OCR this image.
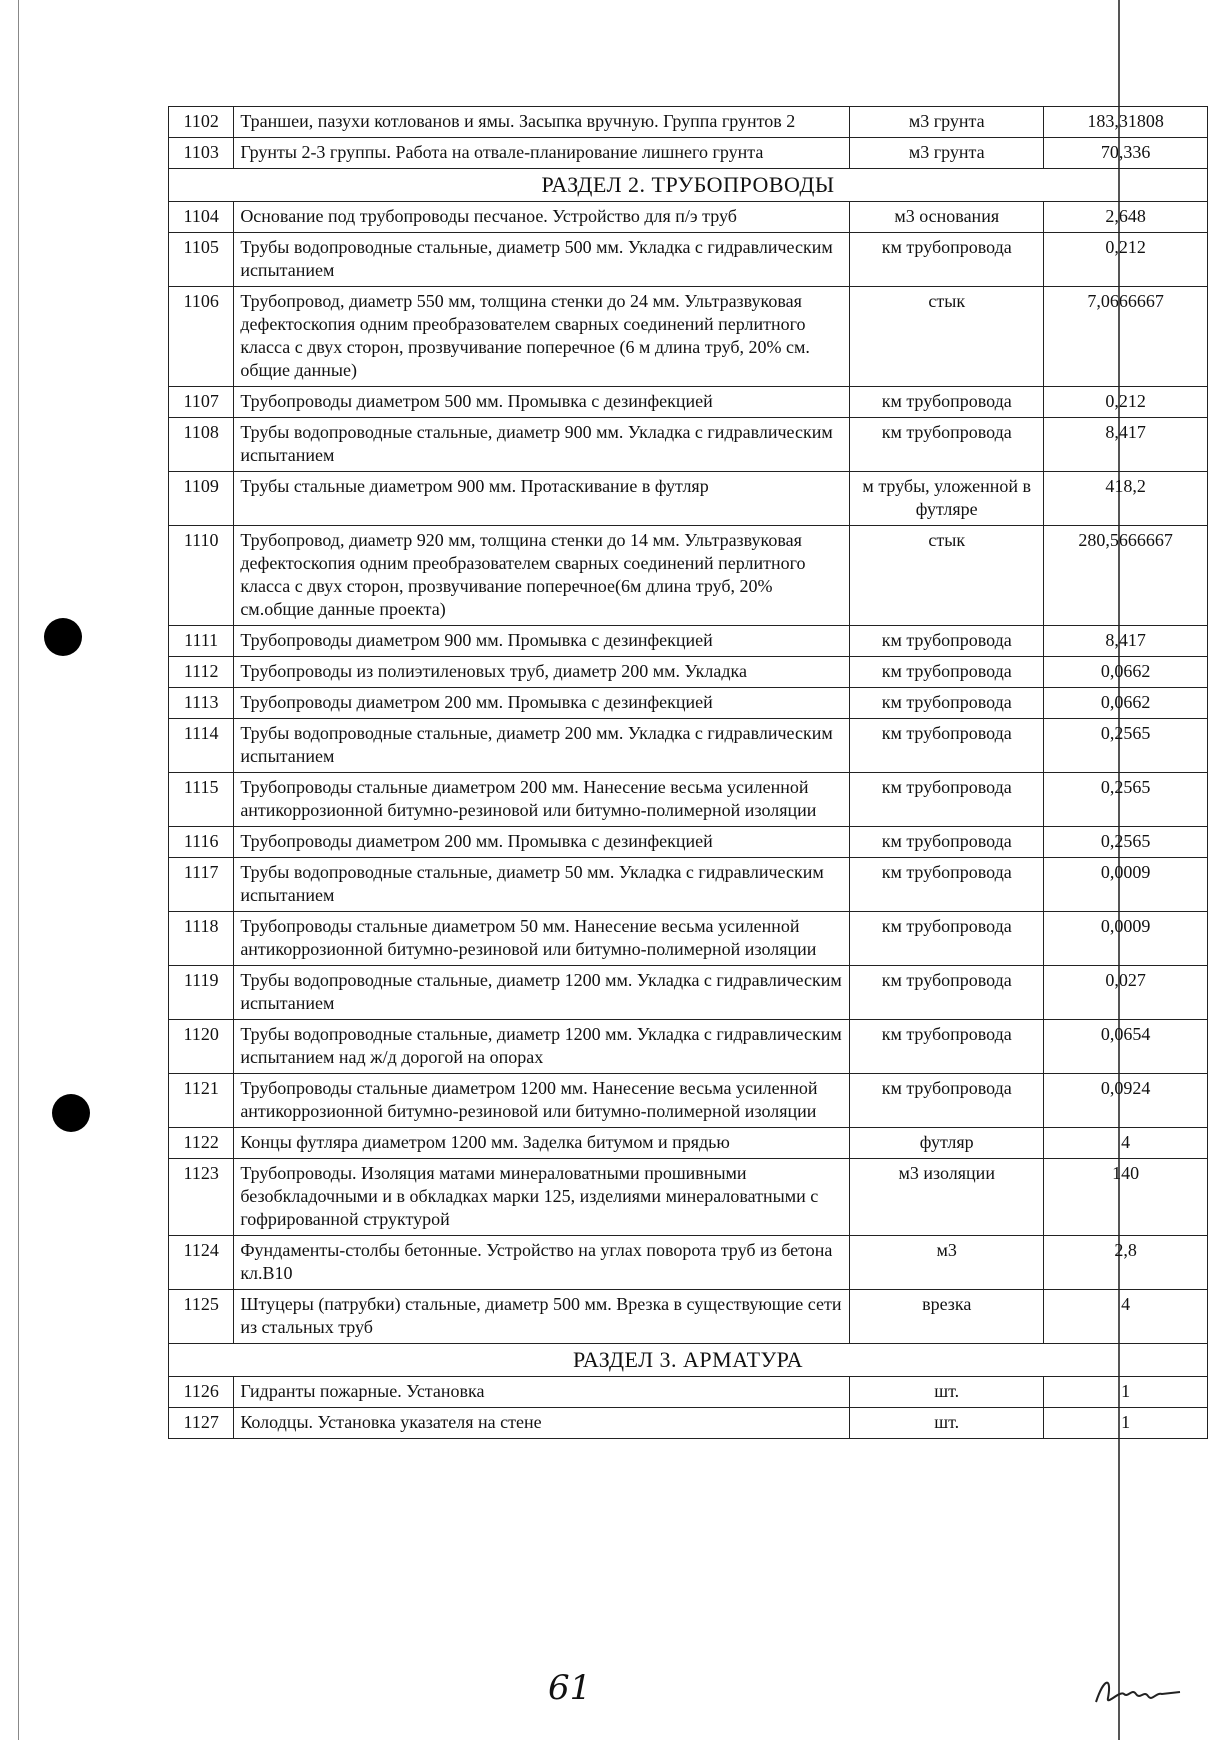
1102	Траншеи, пазухи котлованов и ямы. Засыпка вручную. Группа грунтов 2	м3 грунта	183,31808
1103	Грунты 2-3 группы. Работа на отвале-планирование лишнего грунта	м3 грунта	70,336
РАЗДЕЛ 2. ТРУБОПРОВОДЫ			
1104	Основание под трубопроводы песчаное. Устройство для п/э труб	м3 основания	2,648
1105	Трубы водопроводные стальные, диаметр 500 мм. Укладка с гидравлическим испытанием	км трубопровода	0,212
1106	Трубопровод, диаметр 550 мм, толщина стенки до 24 мм. Ультразвуковая дефектоскопия одним преобразователем сварных соединений перлитного класса с двух сторон, прозвучивание поперечное (6 м длина труб, 20% см. общие данные)	стык	7,0666667
1107	Трубопроводы диаметром 500 мм. Промывка с дезинфекцией	км трубопровода	0,212
1108	Трубы водопроводные стальные, диаметр 900 мм. Укладка с гидравлическим испытанием	км трубопровода	8,417
1109	Трубы стальные диаметром 900 мм. Протаскивание в футляр	м трубы, уложенной в футляре	418,2
1110	Трубопровод, диаметр 920 мм, толщина стенки до 14 мм. Ультразвуковая дефектоскопия одним преобразователем сварных соединений перлитного класса с двух сторон, прозвучивание поперечное(6м длина труб, 20% см.общие данные проекта)	стык	280,5666667
1111	Трубопроводы диаметром 900 мм. Промывка с дезинфекцией	км трубопровода	8,417
1112	Трубопроводы из полиэтиленовых труб, диаметр 200 мм. Укладка	км трубопровода	0,0662
1113	Трубопроводы диаметром 200 мм. Промывка с дезинфекцией	км трубопровода	0,0662
1114	Трубы водопроводные стальные, диаметр 200 мм. Укладка с гидравлическим испытанием	км трубопровода	0,2565
1115	Трубопроводы стальные диаметром 200 мм. Нанесение весьма усиленной антикоррозионной битумно-резиновой или битумно-полимерной изоляции	км трубопровода	0,2565
1116	Трубопроводы диаметром 200 мм. Промывка с дезинфекцией	км трубопровода	0,2565
1117	Трубы водопроводные стальные, диаметр 50 мм. Укладка с гидравлическим испытанием	км трубопровода	0,0009
1118	Трубопроводы стальные диаметром 50 мм. Нанесение весьма усиленной антикоррозионной битумно-резиновой или битумно-полимерной изоляции	км трубопровода	0,0009
1119	Трубы водопроводные стальные, диаметр 1200 мм. Укладка с гидравлическим испытанием	км трубопровода	0,027
1120	Трубы водопроводные стальные, диаметр 1200 мм. Укладка с гидравлическим испытанием над ж/д дорогой на опорах	км трубопровода	0,0654
1121	Трубопроводы стальные диаметром 1200 мм. Нанесение весьма усиленной антикоррозионной битумно-резиновой или битумно-полимерной изоляции	км трубопровода	0,0924
1122	Концы футляра диаметром 1200 мм. Заделка битумом и прядью	футляр	4
1123	Трубопроводы. Изоляция матами минераловатными прошивными безобкладочными и в обкладках марки 125, изделиями минераловатными с гофрированной структурой	м3 изоляции	140
1124	Фундаменты-столбы бетонные. Устройство на углах поворота труб из бетона кл.В10	м3	2,8
1125	Штуцеры (патрубки) стальные, диаметр 500 мм. Врезка в существующие сети из стальных труб	врезка	4
РАЗДЕЛ 3. АРМАТУРА			
1126	Гидранты пожарные. Установка	шт.	1
1127	Колодцы. Установка указателя на стене	шт.	1
61
